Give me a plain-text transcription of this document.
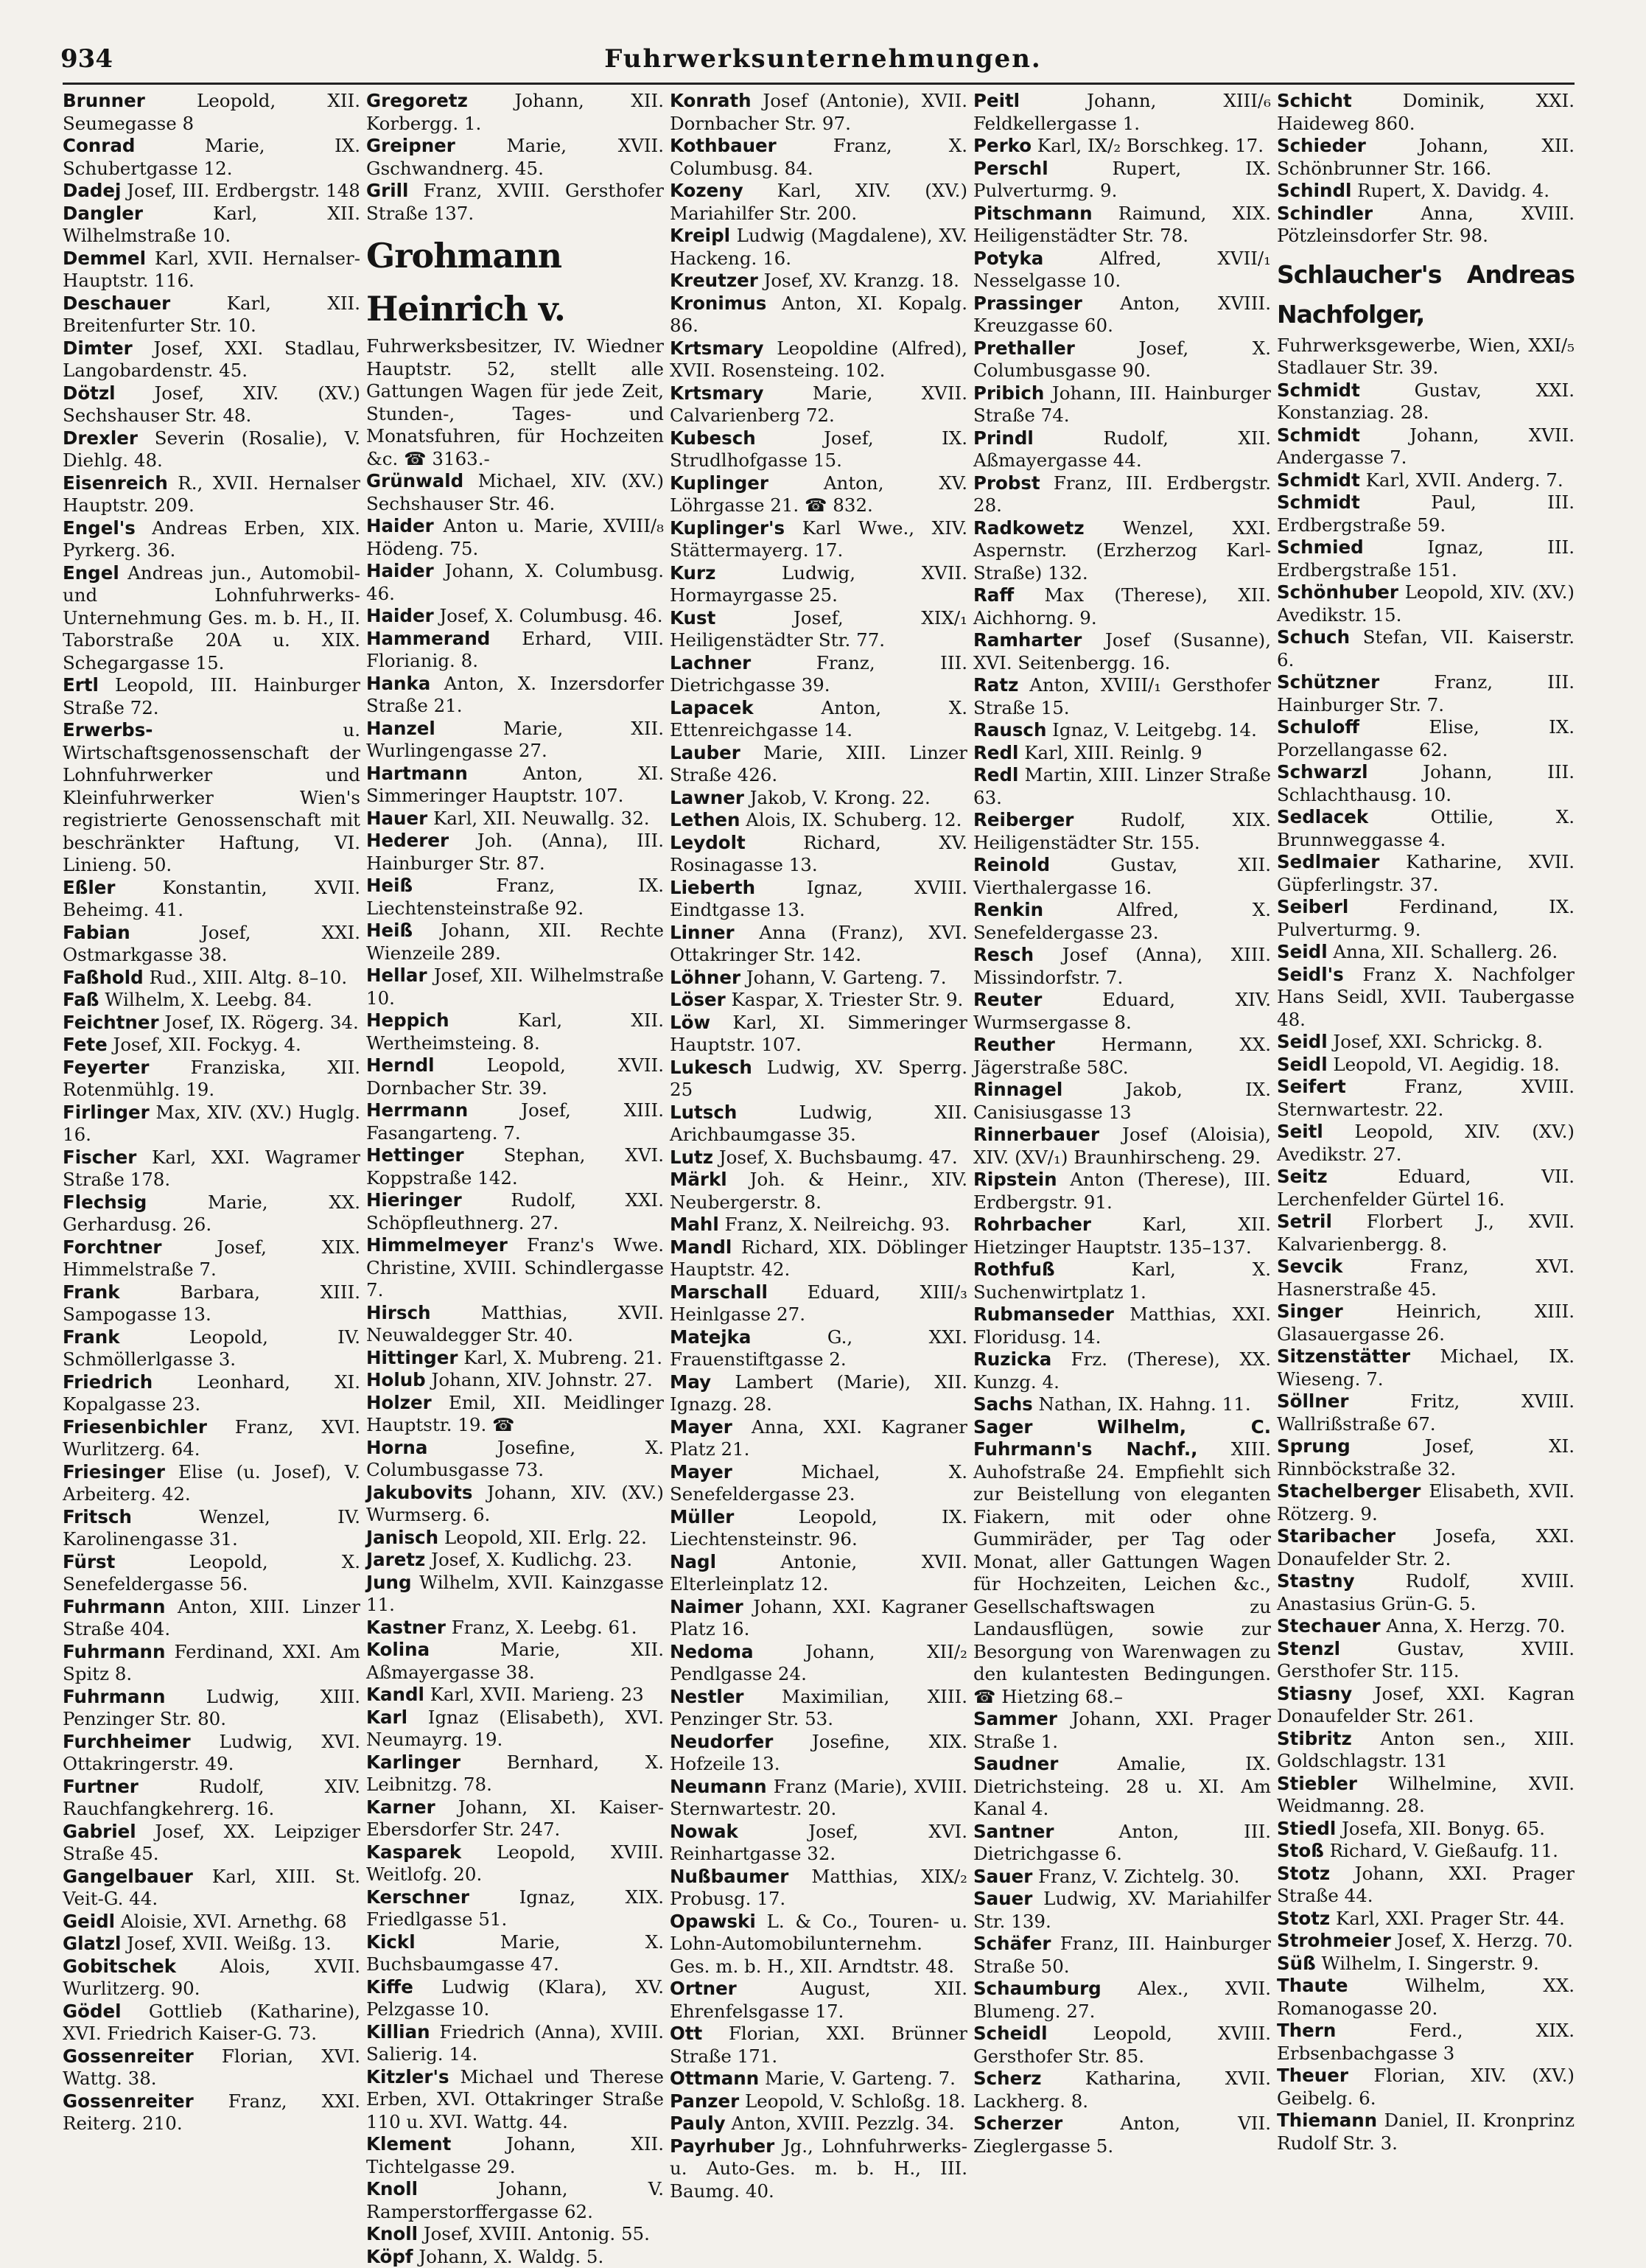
934	Fuhrwerksunternehmungen.
Brunner Leopold, XII. Seumegasse 8
Conrad Marie, IX. Schubertgasse 12.
Dadej Josef, III. Erdbergstr. 148
Dangler Karl, XII. Wilhelmstraße 10.
Demmel Karl, XVII. Hernalser-Hauptstr. 116.
Deschauer Karl, XII. Breitenfurter Str. 10.
Dimter Josef, XXI. Stadlau, Langobardenstr. 45.
Dötzl Josef, XIV. (XV.) Sechshauser Str. 48.
Drexler Severin (Rosalie), V. Diehlg. 48.
Eisenreich R., XVII. Hernalser Hauptstr. 209.
Engel's Andreas Erben, XIX. Pyrkerg. 36.
Engel Andreas jun., Automobil- und Lohnfuhrwerks-Unternehmung Ges. m. b. H., II. Taborstraße 20A u. XIX. Schegargasse 15.
Ertl Leopold, III. Hainburger Straße 72.
Erwerbs- u. Wirtschaftsgenossenschaft der Lohnfuhrwerker und Kleinfuhrwerker Wien's registrierte Genossenschaft mit beschränkter Haftung, VI. Linieng. 50.
Eßler Konstantin, XVII. Beheimg. 41.
Fabian Josef, XXI. Ostmarkgasse 38.
Faßhold Rud., XIII. Altg. 8–10.
Faß Wilhelm, X. Leebg. 84.
Feichtner Josef, IX. Rögerg. 34.
Fete Josef, XII. Fockyg. 4.
Feyerter Franziska, XII. Rotenmühlg. 19.
Firlinger Max, XIV. (XV.) Huglg. 16.
Fischer Karl, XXI. Wagramer Straße 178.
Flechsig Marie, XX. Gerhardusg. 26.
Forchtner Josef, XIX. Himmelstraße 7.
Frank Barbara, XIII. Sampogasse 13.
Frank Leopold, IV. Schmöllerlgasse 3.
Friedrich Leonhard, XI. Kopalgasse 23.
Friesenbichler Franz, XVI. Wurlitzerg. 64.
Friesinger Elise (u. Josef), V. Arbeiterg. 42.
Fritsch Wenzel, IV. Karolinengasse 31.
Fürst Leopold, X. Senefeldergasse 56.
Fuhrmann Anton, XIII. Linzer Straße 404.
Fuhrmann Ferdinand, XXI. Am Spitz 8.
Fuhrmann Ludwig, XIII. Penzinger Str. 80.
Furchheimer Ludwig, XVI. Ottakringerstr. 49.
Furtner Rudolf, XIV. Rauchfangkehrerg. 16.
Gabriel Josef, XX. Leipziger Straße 45.
Gangelbauer Karl, XIII. St. Veit-G. 44.
Geidl Aloisie, XVI. Arnethg. 68
Glatzl Josef, XVII. Weißg. 13.
Gobitschek Alois, XVII. Wurlitzerg. 90.
Gödel Gottlieb (Katharine), XVI. Friedrich Kaiser-G. 73.
Gossenreiter Florian, XVI. Wattg. 38.
Gossenreiter Franz, XXI. Reiterg. 210.
Gregoretz Johann, XII. Korbergg. 1.
Greipner Marie, XVII. Gschwandnerg. 45.
Grill Franz, XVIII. Gersthofer Straße 137.
Grohmann Heinrich v.
Fuhrwerksbesitzer, IV. Wiedner Hauptstr. 52, stellt alle Gattungen Wagen für jede Zeit, Stunden-, Tages- und Monatsfuhren, für Hochzeiten &c. ☎ 3163.-
Grünwald Michael, XIV. (XV.) Sechshauser Str. 46.
Haider Anton u. Marie, XVIII/₈ Hödeng. 75.
Haider Johann, X. Columbusg. 46.
Haider Josef, X. Columbusg. 46.
Hammerand Erhard, VIII. Florianig. 8.
Hanka Anton, X. Inzersdorfer Straße 21.
Hanzel Marie, XII. Wurlingengasse 27.
Hartmann Anton, XI. Simmeringer Hauptstr. 107.
Hauer Karl, XII. Neuwallg. 32.
Hederer Joh. (Anna), III. Hainburger Str. 87.
Heiß Franz, IX. Liechtensteinstraße 92.
Heiß Johann, XII. Rechte Wienzeile 289.
Hellar Josef, XII. Wilhelmstraße 10.
Heppich Karl, XII. Wertheimsteing. 8.
Herndl Leopold, XVII. Dornbacher Str. 39.
Herrmann Josef, XIII. Fasangarteng. 7.
Hettinger Stephan, XVI. Koppstraße 142.
Hieringer Rudolf, XXI. Schöpfleuthnerg. 27.
Himmelmeyer Franz's Wwe. Christine, XVIII. Schindlergasse 7.
Hirsch Matthias, XVII. Neuwaldegger Str. 40.
Hittinger Karl, X. Mubreng. 21.
Holub Johann, XIV. Johnstr. 27.
Holzer Emil, XII. Meidlinger Hauptstr. 19. ☎
Horna Josefine, X. Columbusgasse 73.
Jakubovits Johann, XIV. (XV.) Wurmserg. 6.
Janisch Leopold, XII. Erlg. 22.
Jaretz Josef, X. Kudlichg. 23.
Jung Wilhelm, XVII. Kainzgasse 11.
Kastner Franz, X. Leebg. 61.
Kolina Marie, XII. Aßmayergasse 38.
Kandl Karl, XVII. Marieng. 23
Karl Ignaz (Elisabeth), XVI. Neumayrg. 19.
Karlinger Bernhard, X. Leibnitzg. 78.
Karner Johann, XI. Kaiser-Ebersdorfer Str. 247.
Kasparek Leopold, XVIII. Weitlofg. 20.
Kerschner Ignaz, XIX. Friedlgasse 51.
Kickl Marie, X. Buchsbaumgasse 47.
Kiffe Ludwig (Klara), XV. Pelzgasse 10.
Killian Friedrich (Anna), XVIII. Salierig. 14.
Kitzler's Michael und Therese Erben, XVI. Ottakringer Straße 110 u. XVI. Wattg. 44.
Klement Johann, XII. Tichtelgasse 29.
Knoll Johann, V. Ramperstorffergasse 62.
Knoll Josef, XVIII. Antonig. 55.
Köpf Johann, X. Waldg. 5.
Konrath Josef (Antonie), XVII. Dornbacher Str. 97.
Kothbauer Franz, X. Columbusg. 84.
Kozeny Karl, XIV. (XV.) Mariahilfer Str. 200.
Kreipl Ludwig (Magdalene), XV. Hackeng. 16.
Kreutzer Josef, XV. Kranzg. 18.
Kronimus Anton, XI. Kopalg. 86.
Krtsmary Leopoldine (Alfred), XVII. Rosensteing. 102.
Krtsmary Marie, XVII. Calvarienberg 72.
Kubesch Josef, IX. Strudlhofgasse 15.
Kuplinger Anton, XV. Löhrgasse 21. ☎ 832.
Kuplinger's Karl Wwe., XIV. Stättermayerg. 17.
Kurz Ludwig, XVII. Hormayrgasse 25.
Kust Josef, XIX/₁ Heiligenstädter Str. 77.
Lachner Franz, III. Dietrichgasse 39.
Lapacek Anton, X. Ettenreichgasse 14.
Lauber Marie, XIII. Linzer Straße 426.
Lawner Jakob, V. Krong. 22.
Lethen Alois, IX. Schuberg. 12.
Leydolt Richard, XV. Rosinagasse 13.
Lieberth Ignaz, XVIII. Eindtgasse 13.
Linner Anna (Franz), XVI. Ottakringer Str. 142.
Löhner Johann, V. Garteng. 7.
Löser Kaspar, X. Triester Str. 9.
Löw Karl, XI. Simmeringer Hauptstr. 107.
Lukesch Ludwig, XV. Sperrg. 25
Lutsch Ludwig, XII. Arichbaumgasse 35.
Lutz Josef, X. Buchsbaumg. 47.
Märkl Joh. & Heinr., XIV. Neubergerstr. 8.
Mahl Franz, X. Neilreichg. 93.
Mandl Richard, XIX. Döblinger Hauptstr. 42.
Marschall Eduard, XIII/₃ Heinlgasse 27.
Matejka G., XXI. Frauenstiftgasse 2.
May Lambert (Marie), XII. Ignazg. 28.
Mayer Anna, XXI. Kagraner Platz 21.
Mayer Michael, X. Senefeldergasse 23.
Müller Leopold, IX. Liechtensteinstr. 96.
Nagl Antonie, XVII. Elterleinplatz 12.
Naimer Johann, XXI. Kagraner Platz 16.
Nedoma Johann, XII/₂ Pendlgasse 24.
Nestler Maximilian, XIII. Penzinger Str. 53.
Neudorfer Josefine, XIX. Hofzeile 13.
Neumann Franz (Marie), XVIII. Sternwartestr. 20.
Nowak Josef, XVI. Reinhartgasse 32.
Nußbaumer Matthias, XIX/₂ Probusg. 17.
Opawski L. & Co., Touren- u. Lohn-Automobilunternehm. Ges. m. b. H., XII. Arndtstr. 48.
Ortner August, XII. Ehrenfelsgasse 17.
Ott Florian, XXI. Brünner Straße 171.
Ottmann Marie, V. Garteng. 7.
Panzer Leopold, V. Schloßg. 18.
Pauly Anton, XVIII. Pezzlg. 34.
Payrhuber Jg., Lohnfuhrwerks- u. Auto-Ges. m. b. H., III. Baumg. 40.
Peitl Johann, XIII/₆ Feldkellergasse 1.
Perko Karl, IX/₂ Borschkeg. 17.
Perschl Rupert, IX. Pulverturmg. 9.
Pitschmann Raimund, XIX. Heiligenstädter Str. 78.
Potyka Alfred, XVII/₁ Nesselgasse 10.
Prassinger Anton, XVIII. Kreuzgasse 60.
Prethaller Josef, X. Columbusgasse 90.
Pribich Johann, III. Hainburger Straße 74.
Prindl Rudolf, XII. Aßmayergasse 44.
Probst Franz, III. Erdbergstr. 28.
Radkowetz Wenzel, XXI. Aspernstr. (Erzherzog Karl-Straße) 132.
Raff Max (Therese), XII. Aichhorng. 9.
Ramharter Josef (Susanne), XVI. Seitenbergg. 16.
Ratz Anton, XVIII/₁ Gersthofer Straße 15.
Rausch Ignaz, V. Leitgebg. 14.
Redl Karl, XIII. Reinlg. 9
Redl Martin, XIII. Linzer Straße 63.
Reiberger Rudolf, XIX. Heiligenstädter Str. 155.
Reinold Gustav, XII. Vierthalergasse 16.
Renkin Alfred, X. Senefeldergasse 23.
Resch Josef (Anna), XIII. Missindorfstr. 7.
Reuter Eduard, XIV. Wurmsergasse 8.
Reuther Hermann, XX. Jägerstraße 58C.
Rinnagel Jakob, IX. Canisiusgasse 13
Rinnerbauer Josef (Aloisia), XIV. (XV/₁) Braunhirscheng. 29.
Ripstein Anton (Therese), III. Erdbergstr. 91.
Rohrbacher Karl, XII. Hietzinger Hauptstr. 135–137.
Rothfuß Karl, X. Suchenwirtplatz 1.
Rubmanseder Matthias, XXI. Floridusg. 14.
Ruzicka Frz. (Therese), XX. Kunzg. 4.
Sachs Nathan, IX. Hahng. 11.
Sager Wilhelm, C. Fuhrmann's Nachf., XIII. Auhofstraße 24. Empfiehlt sich zur Beistellung von eleganten Fiakern, mit oder ohne Gummiräder, per Tag oder Monat, aller Gattungen Wagen für Hochzeiten, Leichen &c., Gesellschaftswagen zu Landausflügen, sowie zur Besorgung von Warenwagen zu den kulantesten Bedingungen. ☎ Hietzing 68.–
Sammer Johann, XXI. Prager Straße 1.
Saudner Amalie, IX. Dietrichsteing. 28 u. XI. Am Kanal 4.
Santner Anton, III. Dietrichgasse 6.
Sauer Franz, V. Zichtelg. 30.
Sauer Ludwig, XV. Mariahilfer Str. 139.
Schäfer Franz, III. Hainburger Straße 50.
Schaumburg Alex., XVII. Blumeng. 27.
Scheidl Leopold, XVIII. Gersthofer Str. 85.
Scherz Katharina, XVII. Lackherg. 8.
Scherzer Anton, VII. Zieglergasse 5.
Schicht Dominik, XXI. Haideweg 860.
Schieder Johann, XII. Schönbrunner Str. 166.
Schindl Rupert, X. Davidg. 4.
Schindler Anna, XVIII. Pötzleinsdorfer Str. 98.
Schlaucher's Andreas Nachfolger,
Fuhrwerksgewerbe, Wien, XXI/₅ Stadlauer Str. 39.
Schmidt Gustav, XXI. Konstanziag. 28.
Schmidt Johann, XVII. Andergasse 7.
Schmidt Karl, XVII. Anderg. 7.
Schmidt Paul, III. Erdbergstraße 59.
Schmied Ignaz, III. Erdbergstraße 151.
Schönhuber Leopold, XIV. (XV.) Avedikstr. 15.
Schuch Stefan, VII. Kaiserstr. 6.
Schützner Franz, III. Hainburger Str. 7.
Schuloff Elise, IX. Porzellangasse 62.
Schwarzl Johann, III. Schlachthausg. 10.
Sedlacek Ottilie, X. Brunnweggasse 4.
Sedlmaier Katharine, XVII. Güpferlingstr. 37.
Seiberl Ferdinand, IX. Pulverturmg. 9.
Seidl Anna, XII. Schallerg. 26.
Seidl's Franz X. Nachfolger Hans Seidl, XVII. Taubergasse 48.
Seidl Josef, XXI. Schrickg. 8.
Seidl Leopold, VI. Aegidig. 18.
Seifert Franz, XVIII. Sternwartestr. 22.
Seitl Leopold, XIV. (XV.) Avedikstr. 27.
Seitz Eduard, VII. Lerchenfelder Gürtel 16.
Setril Florbert J., XVII. Kalvarienbergg. 8.
Sevcik Franz, XVI. Hasnerstraße 45.
Singer Heinrich, XIII. Glasauergasse 26.
Sitzenstätter Michael, IX. Wieseng. 7.
Söllner Fritz, XVIII. Wallrißstraße 67.
Sprung Josef, XI. Rinnböckstraße 32.
Stachelberger Elisabeth, XVII. Rötzerg. 9.
Staribacher Josefa, XXI. Donaufelder Str. 2.
Stastny Rudolf, XVIII. Anastasius Grün-G. 5.
Stechauer Anna, X. Herzg. 70.
Stenzl Gustav, XVIII. Gersthofer Str. 115.
Stiasny Josef, XXI. Kagran Donaufelder Str. 261.
Stibritz Anton sen., XIII. Goldschlagstr. 131
Stiebler Wilhelmine, XVII. Weidmanng. 28.
Stiedl Josefa, XII. Bonyg. 65.
Stoß Richard, V. Gießaufg. 11.
Stotz Johann, XXI. Prager Straße 44.
Stotz Karl, XXI. Prager Str. 44.
Strohmeier Josef, X. Herzg. 70.
Süß Wilhelm, I. Singerstr. 9.
Thaute Wilhelm, XX. Romanogasse 20.
Thern Ferd., XIX. Erbsenbachgasse 3
Theuer Florian, XIV. (XV.) Geibelg. 6.
Thiemann Daniel, II. Kronprinz Rudolf Str. 3.
